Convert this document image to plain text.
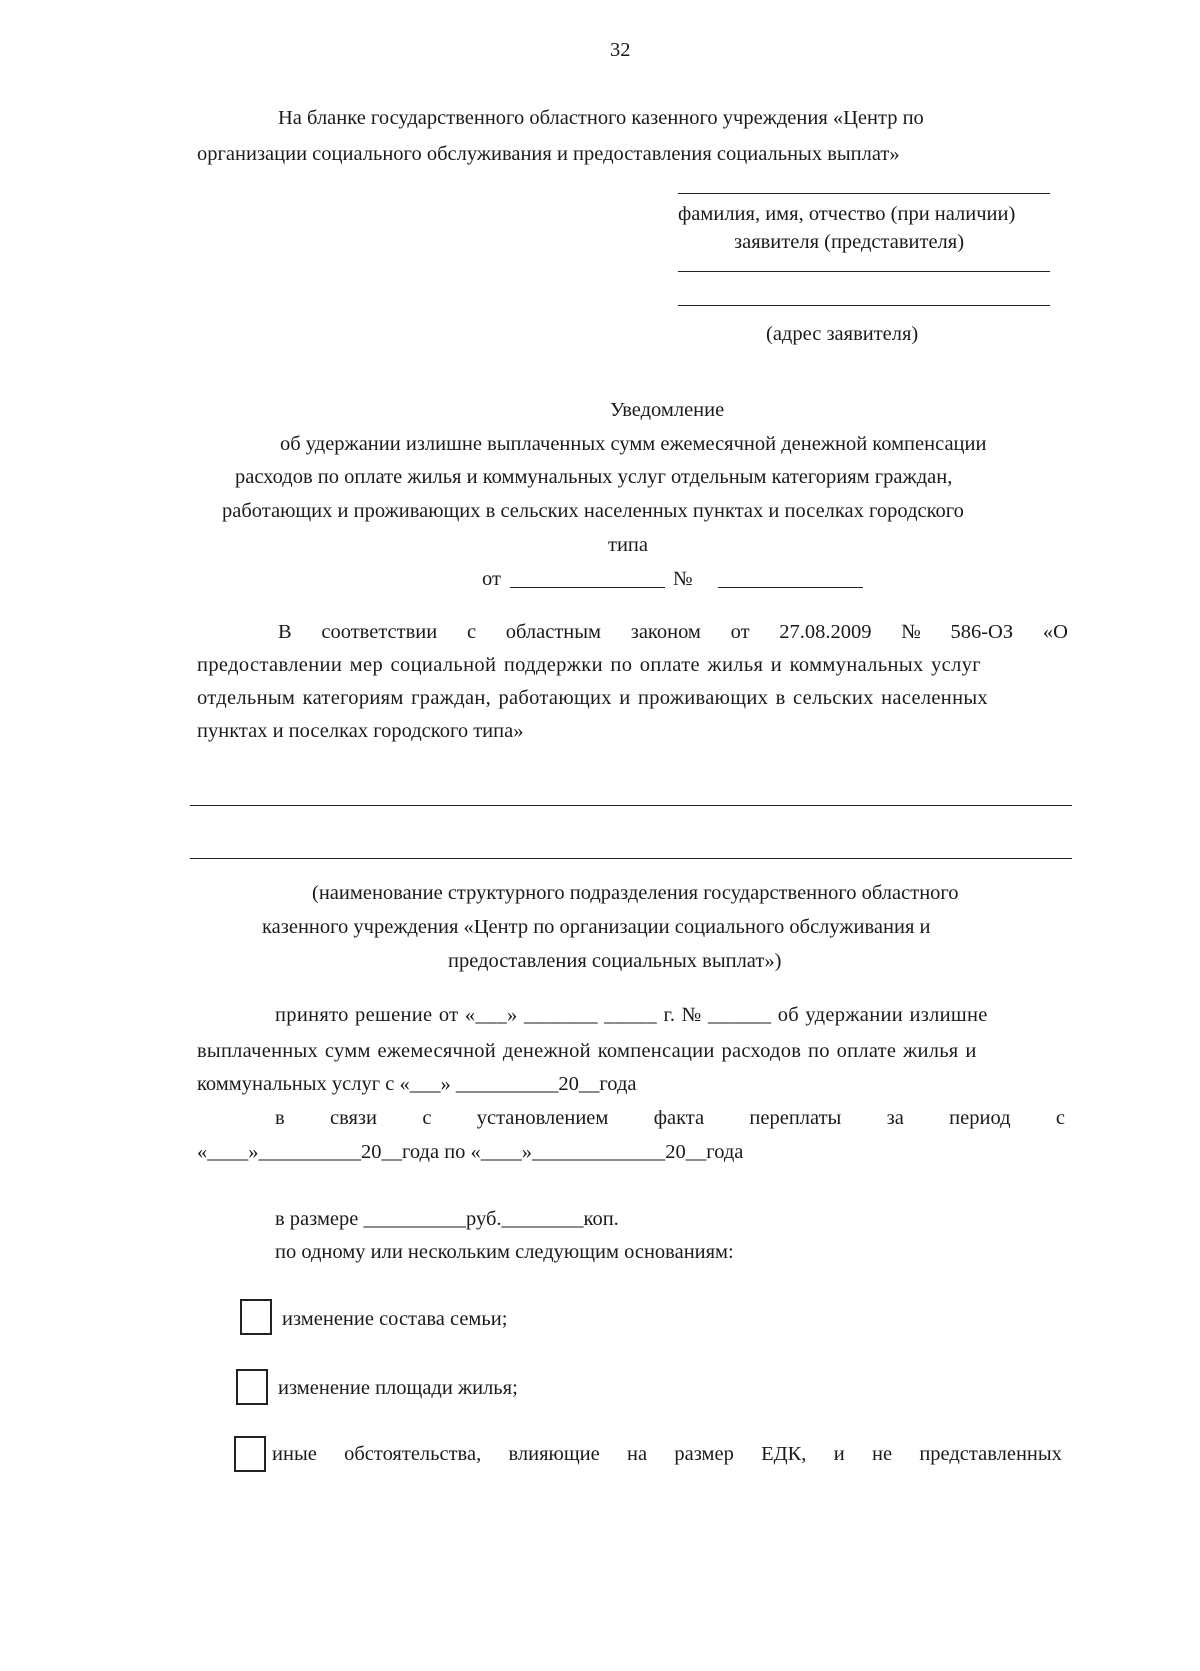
32
На бланке государственного областного казенного учреждения «Центр по
организации социального обслуживания и предоставления социальных выплат»
фамилия, имя, отчество (при наличии)
заявителя (представителя)
(адрес заявителя)
Уведомление
об удержании излишне выплаченных сумм ежемесячной денежной компенсации
расходов по оплате жилья и коммунальных услуг отдельным категориям граждан,
работающих и проживающих в сельских населенных пунктах и поселках городского
типа
от	№
В соответствии с областным законом от 27.08.2009 № 586-ОЗ «О
предоставлении мер социальной поддержки по оплате жилья и коммунальных услуг
отдельным категориям граждан, работающих и проживающих в сельских населенных
пунктах и поселках городского типа»
(наименование структурного подразделения государственного областного
казенного учреждения «Центр по организации социального обслуживания и
предоставления социальных выплат»)
принято решение от «___» _______ _____ г. № ______ об удержании излишне
выплаченных сумм ежемесячной денежной компенсации расходов по оплате жилья и
коммунальных услуг с «___» __________20__года
в связи с установлением факта переплаты за период с
«____»__________20__года по «____»_____________20__года
в размере __________руб.________коп.
по одному или нескольким следующим основаниям:
изменение состава семьи;
изменение площади жилья;
иные обстоятельства, влияющие на размер ЕДК, и не представленных
